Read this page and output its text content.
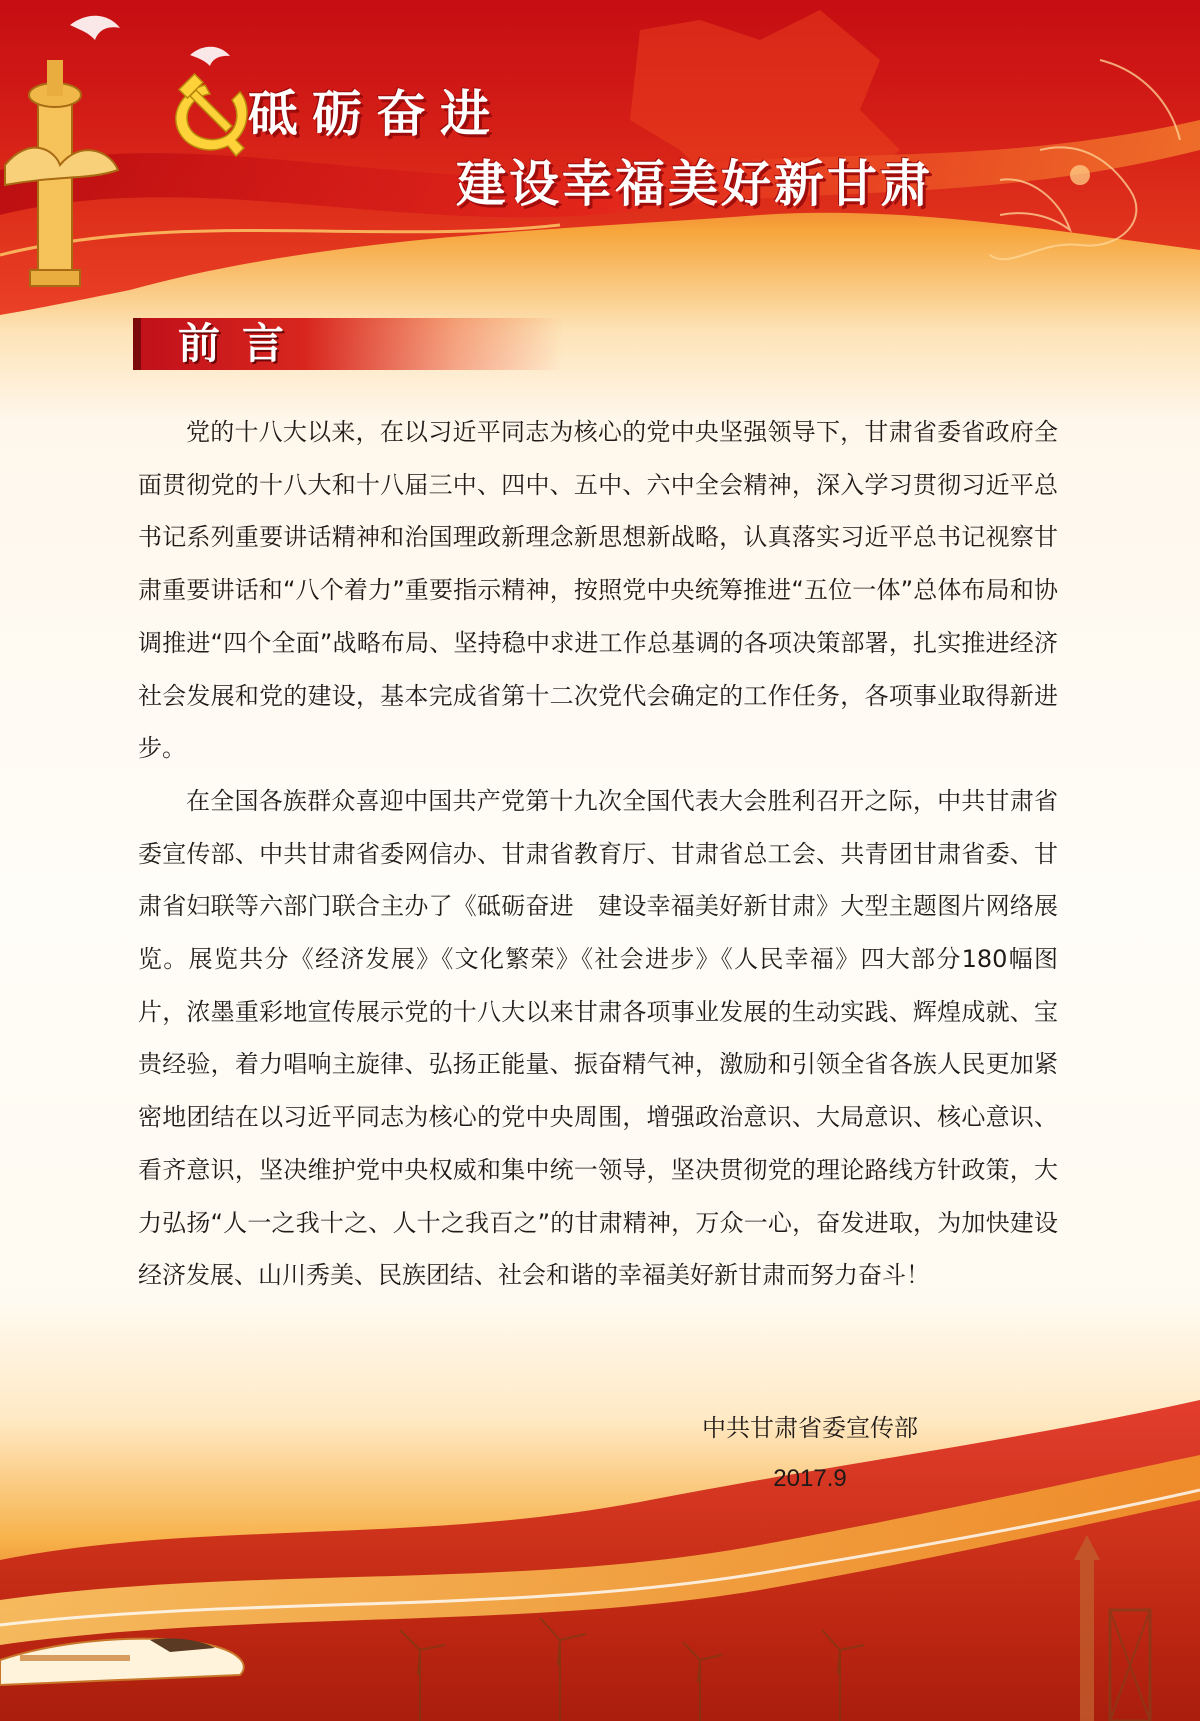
砥砺奋进
建设幸福美好新甘肃
前言

党的十八大以来，在以习近平同志为核心的党中央坚强领导下，甘肃省委省政府全面贯彻党的十八大和十八届三中、四中、五中、六中全会精神，深入学习贯彻习近平总书记系列重要讲话精神和治国理政新理念新思想新战略，认真落实习近平总书记视察甘肃重要讲话和“八个着力”重要指示精神，按照党中央统筹推进“五位一体”总体布局和协调推进“四个全面”战略布局、坚持稳中求进工作总基调的各项决策部署，扎实推进经济社会发展和党的建设，基本完成省第十二次党代会确定的工作任务，各项事业取得新进步。

在全国各族群众喜迎中国共产党第十九次全国代表大会胜利召开之际，中共甘肃省委宣传部、中共甘肃省委网信办、甘肃省教育厅、甘肃省总工会、共青团甘肃省委、甘肃省妇联等六部门联合主办了《砥砺奋进　建设幸福美好新甘肃》大型主题图片网络展览。展览共分《经济发展》《文化繁荣》《社会进步》《人民幸福》四大部分180幅图片，浓墨重彩地宣传展示党的十八大以来甘肃各项事业发展的生动实践、辉煌成就、宝贵经验，着力唱响主旋律、弘扬正能量、振奋精气神，激励和引领全省各族人民更加紧密地团结在以习近平同志为核心的党中央周围，增强政治意识、大局意识、核心意识、看齐意识，坚决维护党中央权威和集中统一领导，坚决贯彻党的理论路线方针政策，大力弘扬“人一之我十之、人十之我百之”的甘肃精神，万众一心，奋发进取，为加快建设经济发展、山川秀美、民族团结、社会和谐的幸福美好新甘肃而努力奋斗！

中共甘肃省委宣传部
2017.9
